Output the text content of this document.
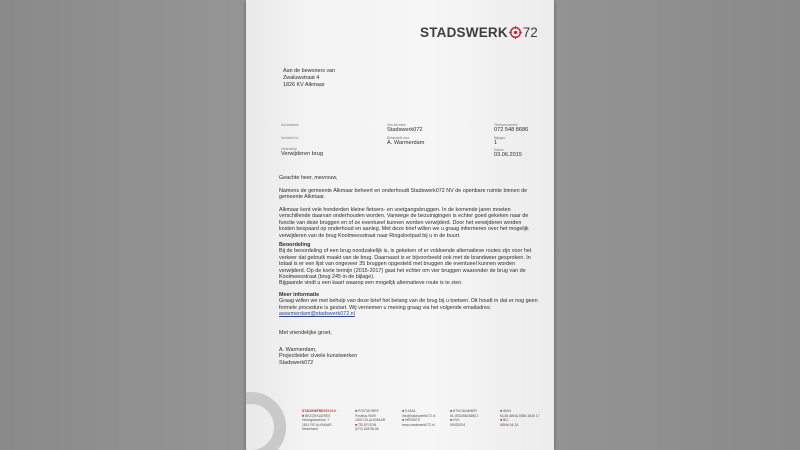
STADSWERK 72
Aan de bewoners van
Zwaluwstraat 4
1826 KV Alkmaar
Uw kenmerk
Uw brief d.d.
Onderwerp
Verwijderen brug
Ons kenmerk
Stadswerk072
Behandeld door
A. Warmerdam
Telefoonnummer
072 548 8686
Bijlagen
1
Datum
03.06.2015
Geachte heer, mevrouw,
Namens de gemeente Alkmaar beheert en onderhoudt Stadswerk072 NV de openbare ruimte binnen de
gemeente Alkmaar.
Alkmaar kent vele honderden kleine fietsers- en voetgangsbruggen. In de komende jaren moeten
verschillende daarvan onderhouden worden. Vanwege de bezuinigingen is echter goed gekeken naar de
functie van deze bruggen en of ze eventueel kunnen worden verwijderd. Door het verwijderen worden
kosten bespaard op onderhoud en aanleg. Met deze brief willen we u graag informeren over het mogelijk
verwijderen van de brug Koolmeesstraat naar Ringslootpad bij u in de buurt.
Beoordeling
Bij de beoordeling of een brug noodzakelijk is, is gekeken of er voldoende alternatieve routes zijn voor het
verkeer dat gebruik maakt van de brug. Daarnaast is er bijvoorbeeld ook met de brandweer gesproken. In
totaal is er een lijst van ongeveer 35 bruggen opgesteld met bruggen die eventueel kunnen worden
verwijderd. Op de korte termijn (2015-2017) gaat het echter om vier bruggen waaronder de brug van de
Koolmeesstraat (brug 245 in de bijlage).
Bijgaande vindt u een kaart waarop een mogelijk alternatieve route is te zien.
Meer informatie
Graag willen we met behulp van deze brief het belang van de brug bij u toetsen. Dit houdt in dat er nog geen
formele procedure is gestart. Wij vernemen u mening graag via het volgende emailadres:
awarmerdam@stadswerk072.nl
Met vriendelijke groet,
A. Warmerdam,
Projectleider civiele kunstwerken
Stadswerk072
STADSWERK072 N.V.
■ BEZOEKADRES
Hertoglaan/noor 7
1811 PE ALKMAAR
Nederland
■ POSTADRES
Postbus 9009
1800 GA ALKMAAR
■ TELEFOON
(072) 548 86 86
■ E-MAIL
info@stadswerk072.nl
■ WEBSITE
www.stadswerk072.nl
■ BTW-NUMMER
NL 853288158B01
■ KVK
59025254
■ IBAN
NL36 ABNA 0856 3846 17
■ BIC
ABNA NL2A
